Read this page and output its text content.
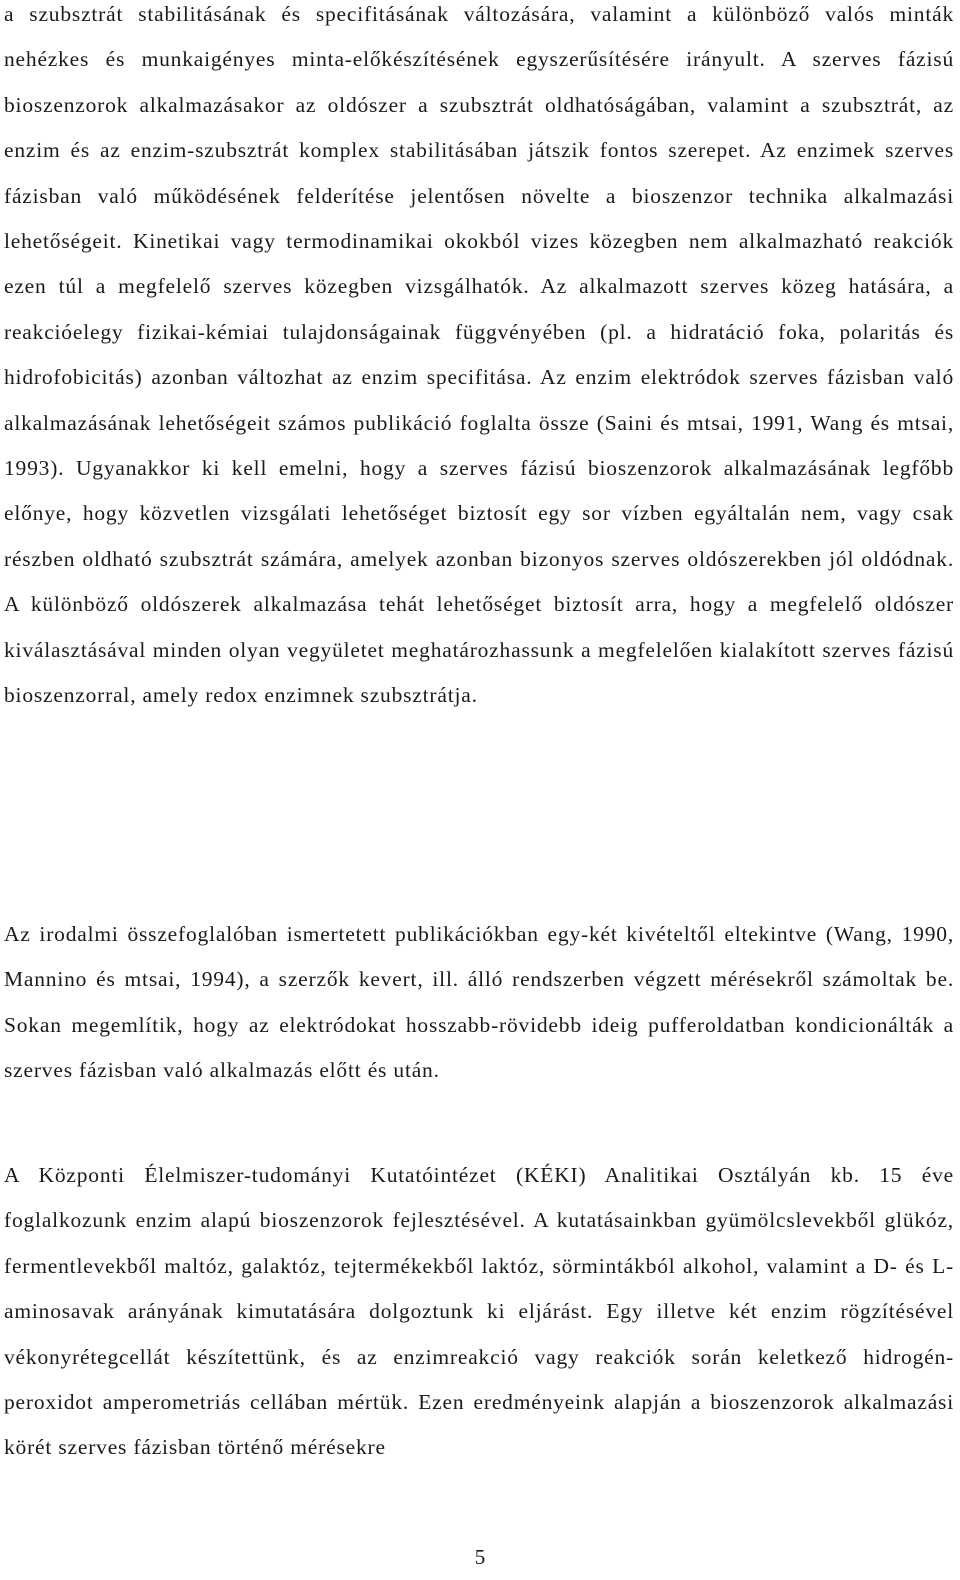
a szubsztrát stabilitásának és specifitásának változására, valamint a különböző valós minták nehézkes és munkaigényes minta-előkészítésének egyszerűsítésére irányult. A szerves fázisú bioszenzorok alkalmazásakor az oldószer a szubsztrát oldhatóságában, valamint a szubsztrát, az enzim és az enzim-szubsztrát komplex stabilitásában játszik fontos szerepet. Az enzimek szerves fázisban való működésének felderítése jelentősen növelte a bioszenzor technika alkalmazási lehetőségeit. Kinetikai vagy termodinamikai okokból vizes közegben nem alkalmazható reakciók ezen túl a megfelelő szerves közegben vizsgálhatók. Az alkalmazott szerves közeg hatására, a reakcióelegy fizikai-kémiai tulajdonságainak függvényében (pl. a hidratáció foka, polaritás és hidrofobicitás) azonban változhat az enzim specifitása. Az enzim elektródok szerves fázisban való alkalmazásának lehetőségeit számos publikáció foglalta össze (Saini és mtsai, 1991, Wang és mtsai, 1993). Ugyanakkor ki kell emelni, hogy a szerves fázisú bioszenzorok alkalmazásának legfőbb előnye, hogy közvetlen vizsgálati lehetőséget biztosít egy sor vízben egyáltalán nem, vagy csak részben oldható szubsztrát számára, amelyek azonban bizonyos szerves oldószerekben jól oldódnak. A különböző oldószerek alkalmazása tehát lehetőséget biztosít arra, hogy a megfelelő oldószer kiválasztásával minden olyan vegyületet meghatározhassunk a megfelelően kialakított szerves fázisú bioszenzorral, amely redox enzimnek szubsztrátja.

Az irodalmi összefoglalóban ismertetett publikációkban egy-két kivételtől eltekintve (Wang, 1990, Mannino és mtsai, 1994), a szerzők kevert, ill. álló rendszerben végzett mérésekről számoltak be. Sokan megemlítik, hogy az elektródokat hosszabb-rövidebb ideig pufferoldatban kondicionálták a szerves fázisban való alkalmazás előtt és után.

A Központi Élelmiszer-tudományi Kutatóintézet (KÉKI) Analitikai Osztályán kb. 15 éve foglalkozunk enzim alapú bioszenzorok fejlesztésével. A kutatásainkban gyümölcslevekből glükóz, fermentlevekből maltóz, galaktóz, tejtermékekből laktóz, sörmintákból alkohol, valamint a D- és L-aminosavak arányának kimutatására dolgoztunk ki eljárást. Egy illetve két enzim rögzítésével vékonyrétegcellát készítettünk, és az enzimreakció vagy reakciók során keletkező hidrogén-peroxidot amperometriás cellában mértük. Ezen eredményeink alapján a bioszenzorok alkalmazási körét szerves fázisban történő mérésekre

5
